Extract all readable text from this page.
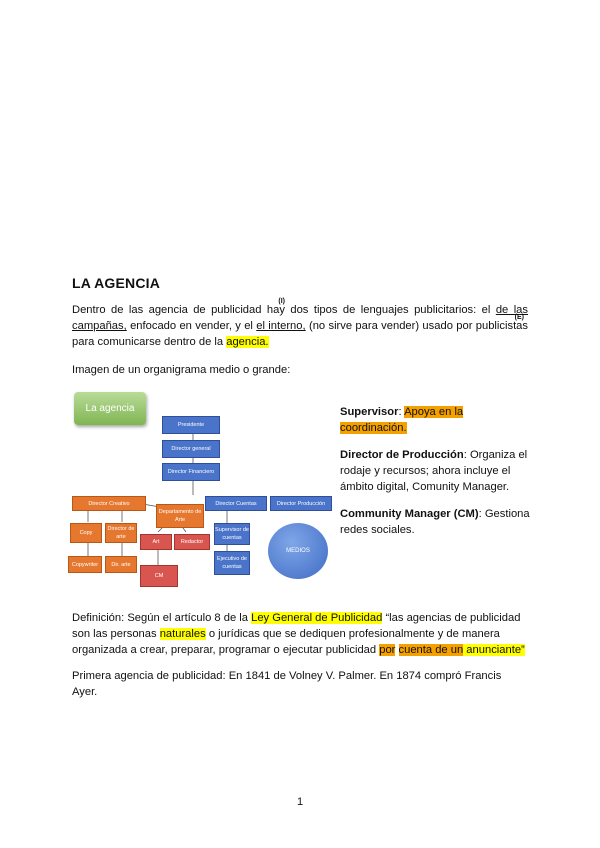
LA AGENCIA
Dentro de las agencia de publicidad hay dos
(I)
tipos de lenguajes publicitarios: el de las campañas,
(E)
enfocado en vender, y el el interno, (no sirve para vender) usado por publicistas para comunicarse dentro de la agencia.
Imagen de un organigrama medio o grande:
La agencia
Presidente
Director general
Director Financiero
Director Creativo
Departamento de Arte
Director Cuentas	Director Producción
Copy
Director de arte
Art	Redactor
Supervisor de cuentas
Copywriter	Dir. arte
Ejecutivo de cuentas
CM
MEDIOS
Supervisor: Apoya en la coordinación.
Director de Producción: Organiza el rodaje y recursos; ahora incluye el ámbito digital, Comunity Manager.
Community Manager (CM): Gestiona redes sociales.
Definición: Según el artículo 8 de la Ley General de Publicidad “las agencias de publicidad son las personas naturales o jurídicas que se dediquen profesionalmente y de manera organizada a crear, preparar, programar o ejecutar publicidad por cuenta de un anunciante”
Primera agencia de publicidad: En 1841 de Volney V. Palmer. En 1874 compró Francis Ayer.
1
